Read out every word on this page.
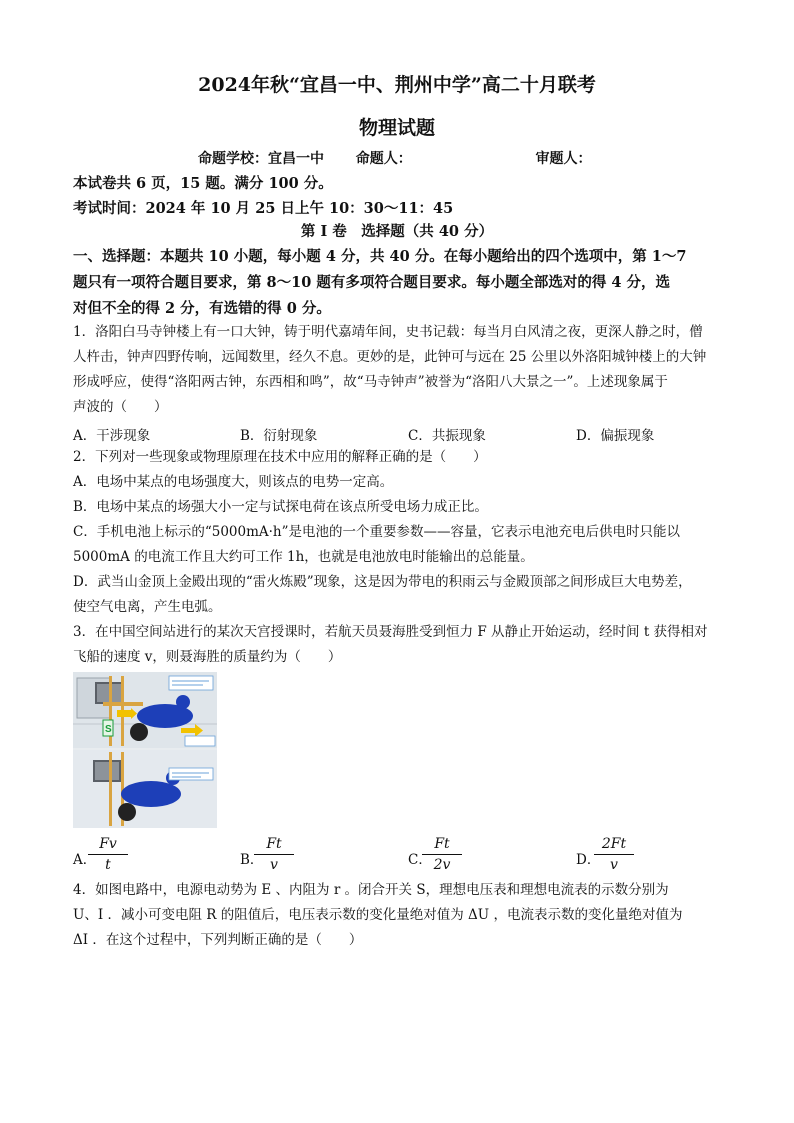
2024年秋“宜昌一中、荆州中学”高二十月联考
物理试题
命题学校：宜昌一中 命题人：	审题人：
本试卷共 6 页，15 题。满分 100 分。
考试时间：2024 年 10 月 25 日上午 10：30～11：45
第 I 卷　选择题（共 40 分）
一、选择题：本题共 10 小题，每小题 4 分，共 40 分。在每小题给出的四个选项中，第 1～7
题只有一项符合题目要求，第 8～10 题有多项符合题目要求。每小题全部选对的得 4 分，选
对但不全的得 2 分，有选错的得 0 分。
1．洛阳白马寺钟楼上有一口大钟，铸于明代嘉靖年间，史书记载：每当月白风清之夜，更深人静之时，僧
人杵击，钟声四野传响，远闻数里，经久不息。更妙的是，此钟可与远在 25 公里以外洛阳城钟楼上的大钟
形成呼应，使得“洛阳两古钟，东西相和鸣”，故“马寺钟声”被誉为“洛阳八大景之一”。上述现象属于
声波的（　　）
A．干涉现象	B．衍射现象	C．共振现象	D．偏振现象
2．下列对一些现象或物理原理在技术中应用的解释正确的是（　　）
A．电场中某点的电场强度大，则该点的电势一定高。
B．电场中某点的场强大小一定与试探电荷在该点所受电场力成正比。
C．手机电池上标示的“5000mA·h”是电池的一个重要参数——容量，它表示电池充电后供电时只能以
5000mA 的电流工作且大约可工作 1h，也就是电池放电时能输出的总能量。
D．武当山金顶上金殿出现的“雷火炼殿”现象，这是因为带电的积雨云与金殿顶部之间形成巨大电势差，
使空气电离，产生电弧。
3．在中国空间站进行的某次天宫授课时，若航天员聂海胜受到恒力 F 从静止开始运动，经时间 t 获得相对
飞船的速度 v，则聂海胜的质量约为（　　）
S
A．
$\frac{Fv}{t}$	B．
$\frac{Ft}{v}$	C．
$\frac{Ft}{2v}$	D．
$\frac{2Ft}{v}$
4．如图电路中，电源电动势为 E 、内阻为 r 。闭合开关 S，理想电压表和理想电流表的示数分别为
U、I ．减小可变电阻 R 的阻值后，电压表示数的变化量绝对值为 ΔU ，电流表示数的变化量绝对值为
ΔI ．在这个过程中，下列判断正确的是（　　）
